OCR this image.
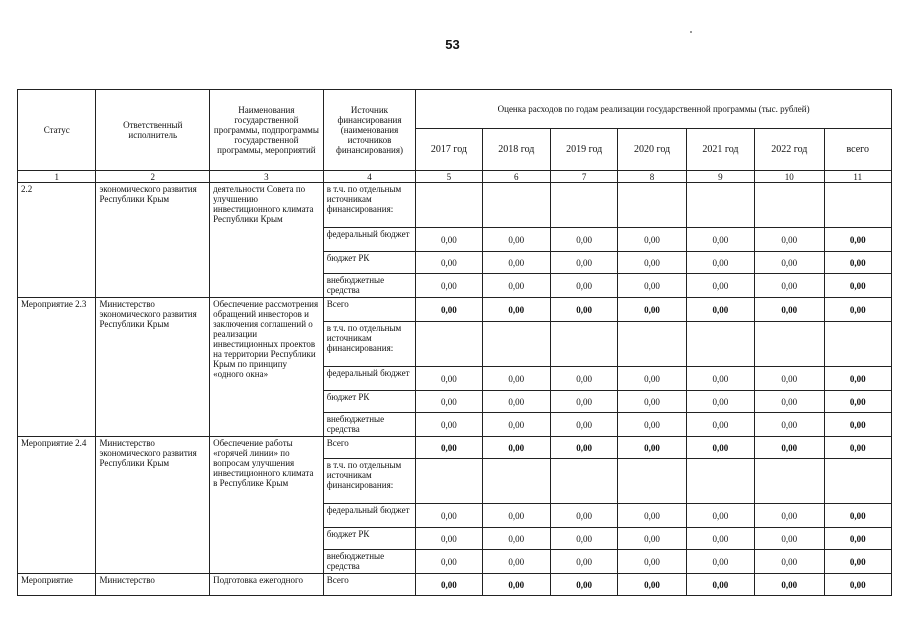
53
Статус	Ответственный исполнитель	Наименования государственной программы, подпрограммы государственной программы, мероприятий	Источник финансирования (наименования источников финансирования)	Оценка расходов по годам реализации государственной программы (тыс. рублей)						
				2017 год	2018 год	2019 год	2020 год	2021 год	2022 год	всего
1	2	3	4	5	6	7	8	9	10	11
2.2	экономического развития Республики Крым	деятельности Совета по улучшению инвестиционного климата Республики Крым	в т.ч. по отдельным источникам финансирования:							
			федеральный бюджет	0,00	0,00	0,00	0,00	0,00	0,00	0,00
			бюджет РК	0,00	0,00	0,00	0,00	0,00	0,00	0,00
			внебюджетные средства	0,00	0,00	0,00	0,00	0,00	0,00	0,00
Мероприятие 2.3	Министерство экономического развития Республики Крым	Обеспечение рассмотрения обращений инвесторов и заключения соглашений о реализации инвестиционных проектов на территории Республики Крым по принципу «одного окна»	Всего	0,00	0,00	0,00	0,00	0,00	0,00	0,00
			в т.ч. по отдельным источникам финансирования:							
			федеральный бюджет	0,00	0,00	0,00	0,00	0,00	0,00	0,00
			бюджет РК	0,00	0,00	0,00	0,00	0,00	0,00	0,00
			внебюджетные средства	0,00	0,00	0,00	0,00	0,00	0,00	0,00
Мероприятие 2.4	Министерство экономического развития Республики Крым	Обеспечение работы «горячей линии» по вопросам улучшения инвестиционного климата в Республике Крым	Всего	0,00	0,00	0,00	0,00	0,00	0,00	0,00
			в т.ч. по отдельным источникам финансирования:							
			федеральный бюджет	0,00	0,00	0,00	0,00	0,00	0,00	0,00
			бюджет РК	0,00	0,00	0,00	0,00	0,00	0,00	0,00
			внебюджетные средства	0,00	0,00	0,00	0,00	0,00	0,00	0,00
Мероприятие	Министерство	Подготовка ежегодного	Всего	0,00	0,00	0,00	0,00	0,00	0,00	0,00
